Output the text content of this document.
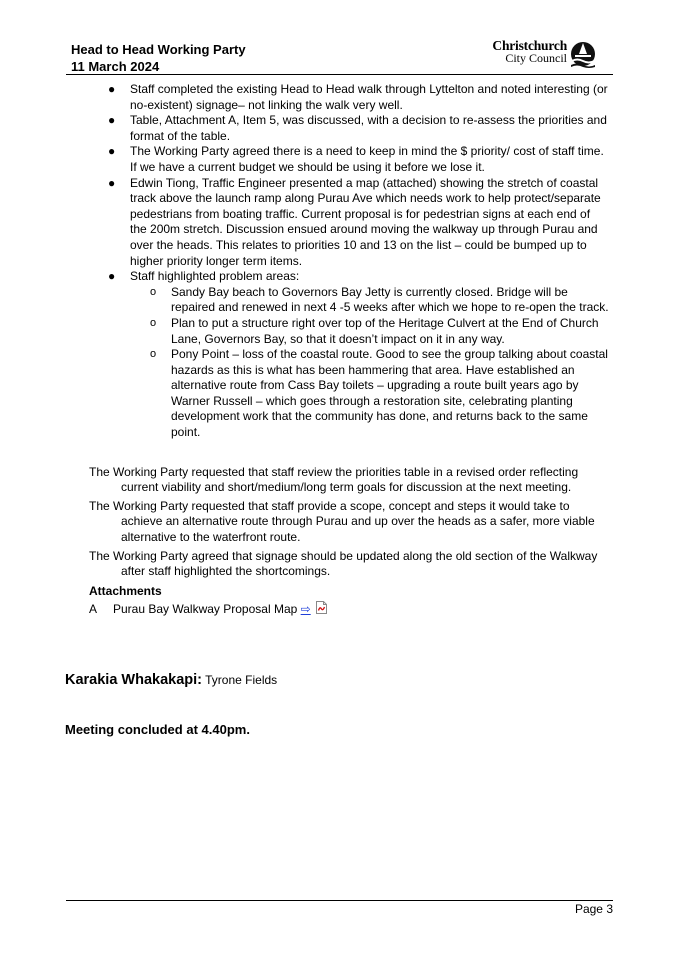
Head to Head Working Party
11 March 2024
Christchurch
City Council
● Staff completed the existing Head to Head walk through Lyttelton and noted interesting (or no-existent) signage– not linking the walk very well.
● Table, Attachment A, Item 5, was discussed, with a decision to re-assess the priorities and format of the table.
● The Working Party agreed there is a need to keep in mind the $ priority/ cost of staff time. If we have a current budget we should be using it before we lose it.
● Edwin Tiong, Traffic Engineer presented a map (attached) showing the stretch of coastal track above the launch ramp along Purau Ave which needs work to help protect/separate pedestrians from boating traffic. Current proposal is for pedestrian signs at each end of the 200m stretch. Discussion ensued around moving the walkway up through Purau and over the heads. This relates to priorities 10 and 13 on the list – could be bumped up to higher priority longer term items.
● Staff highlighted problem areas:
o Sandy Bay beach to Governors Bay Jetty is currently closed. Bridge will be repaired and renewed in next 4 -5 weeks after which we hope to re-open the track.
o Plan to put a structure right over top of the Heritage Culvert at the End of Church Lane, Governors Bay, so that it doesn’t impact on it in any way.
o Pony Point – loss of the coastal route. Good to see the group talking about coastal hazards as this is what has been hammering that area. Have established an alternative route from Cass Bay toilets – upgrading a route built years ago by Warner Russell – which goes through a restoration site, celebrating planting development work that the community has done, and returns back to the same point.

The Working Party requested that staff review the priorities table in a revised order reflecting current viability and short/medium/long term goals for discussion at the next meeting.

The Working Party requested that staff provide a scope, concept and steps it would take to achieve an alternative route through Purau and up over the heads as a safer, more viable alternative to the waterfront route.

The Working Party agreed that signage should be updated along the old section of the Walkway after staff highlighted the shortcomings.

Attachments
A Purau Bay Walkway Proposal Map ⇨
Karakia Whakakapi: Tyrone Fields
Meeting concluded at 4.40pm.
Page 3
